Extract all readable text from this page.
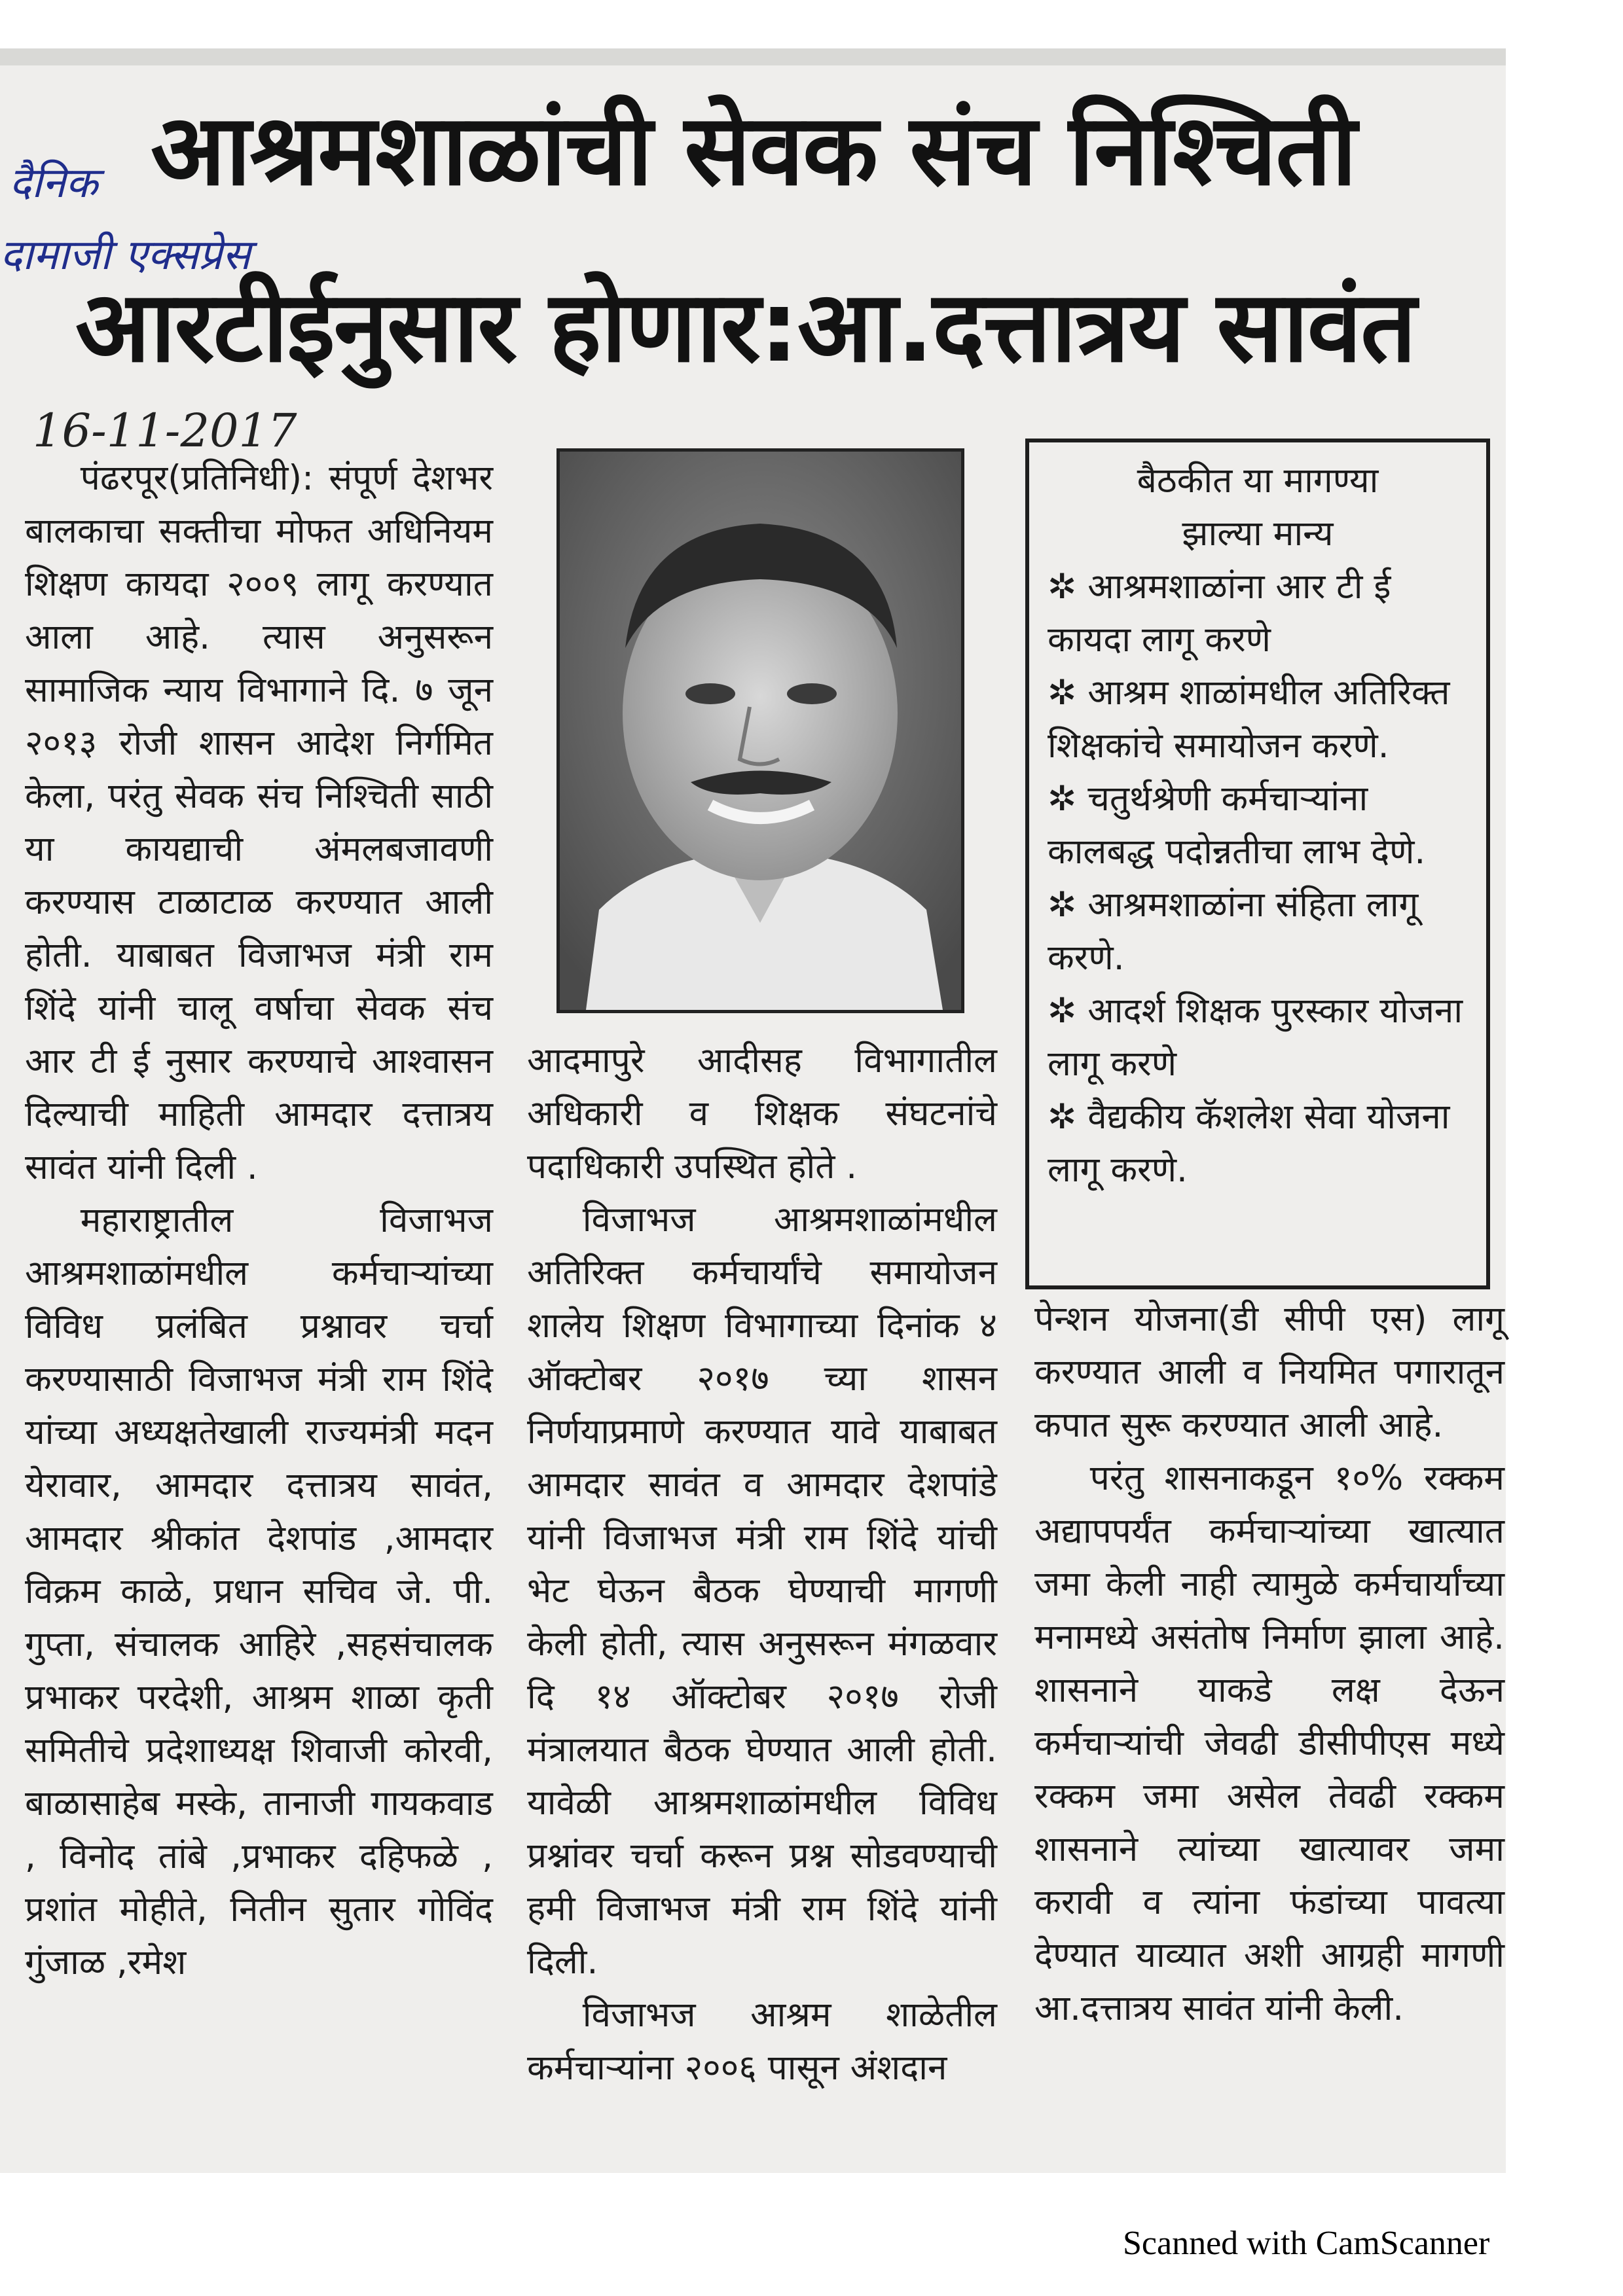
दैनिक
दामाजी एक्सप्रेस
16-11-2017
आश्रमशाळांची सेवक संच निश्चिती
आरटीईनुसार होणार:आ.दत्तात्रय सावंत

पंढरपूर(प्रतिनिधी): संपूर्ण देशभर बालकाचा सक्तीचा मोफत अधिनियम शिक्षण कायदा २००९ लागू करण्यात आला आहे. त्यास अनुसरून सामाजिक न्याय विभागाने दि. ७ जून २०१३ रोजी शासन आदेश निर्गमित केला, परंतु सेवक संच निश्चिती साठी या कायद्याची अंमलबजावणी करण्यास टाळाटाळ करण्यात आली होती. याबाबत विजाभज मंत्री राम शिंदे यांनी चालू वर्षाचा सेवक संच आर टी ई नुसार करण्याचे आश्वासन दिल्याची माहिती आमदार दत्तात्रय सावंत यांनी दिली .

महाराष्ट्रातील विजाभज आश्रमशाळांमधील कर्मचाऱ्यांच्या विविध प्रलंबित प्रश्नावर चर्चा करण्यासाठी विजाभज मंत्री राम शिंदे यांच्या अध्यक्षतेखाली राज्यमंत्री मदन येरावार, आमदार दत्तात्रय सावंत, आमदार श्रीकांत देशपांड ,आमदार विक्रम काळे, प्रधान सचिव जे. पी. गुप्ता, संचालक आहिरे ,सहसंचालक प्रभाकर परदेशी, आश्रम शाळा कृती समितीचे प्रदेशाध्यक्ष शिवाजी कोरवी, बाळासाहेब मस्के, तानाजी गायकवाड , विनोद तांबे ,प्रभाकर दहिफळे , प्रशांत मोहीते, नितीन सुतार गोविंद गुंजाळ ,रमेश

आदमापुरे आदीसह विभागातील अधिकारी व शिक्षक संघटनांचे पदाधिकारी उपस्थित होते .

विजाभज आश्रमशाळांमधील अतिरिक्त कर्मचार्यांचे समायोजन शालेय शिक्षण विभागाच्या दिनांक ४ ऑक्टोबर २०१७ च्या शासन निर्णयाप्रमाणे करण्यात यावे याबाबत आमदार सावंत व आमदार देशपांडे यांनी विजाभज मंत्री राम शिंदे यांची भेट घेऊन बैठक घेण्याची मागणी केली होती, त्यास अनुसरून मंगळवार दि १४ ऑक्टोबर २०१७ रोजी मंत्रालयात बैठक घेण्यात आली होती. यावेळी आश्रमशाळांमधील विविध प्रश्नांवर चर्चा करून प्रश्न सोडवण्याची हमी विजाभज मंत्री राम शिंदे यांनी दिली.

विजाभज आश्रम शाळेतील कर्मचाऱ्यांना २००६ पासून अंशदान

बैठकीत या मागण्या
झाल्या मान्य

✲ आश्रमशाळांना आर टी ई कायदा लागू करणे

✲ आश्रम शाळांमधील अतिरिक्त शिक्षकांचे समायोजन करणे.

✲ चतुर्थश्रेणी कर्मचाऱ्यांना कालबद्ध पदोन्नतीचा लाभ देणे.

✲ आश्रमशाळांना संहिता लागू करणे.

✲ आदर्श शिक्षक पुरस्कार योजना लागू करणे

✲ वैद्यकीय कॅशलेश सेवा योजना लागू करणे.

पेन्शन योजना(डी सीपी एस) लागू करण्यात आली व नियमित पगारातून कपात सुरू करण्यात आली आहे.

परंतु शासनाकडून १०% रक्कम अद्यापपर्यंत कर्मचाऱ्यांच्या खात्यात जमा केली नाही त्यामुळे कर्मचार्यांच्या मनामध्ये असंतोष निर्माण झाला आहे. शासनाने याकडे लक्ष देऊन कर्मचाऱ्यांची जेवढी डीसीपीएस मध्ये रक्कम जमा असेल तेवढी रक्कम शासनाने त्यांच्या खात्यावर जमा करावी व त्यांना फंडांच्या पावत्या देण्यात याव्यात अशी आग्रही मागणी आ.दत्तात्रय सावंत यांनी केली.

Scanned with CamScanner
